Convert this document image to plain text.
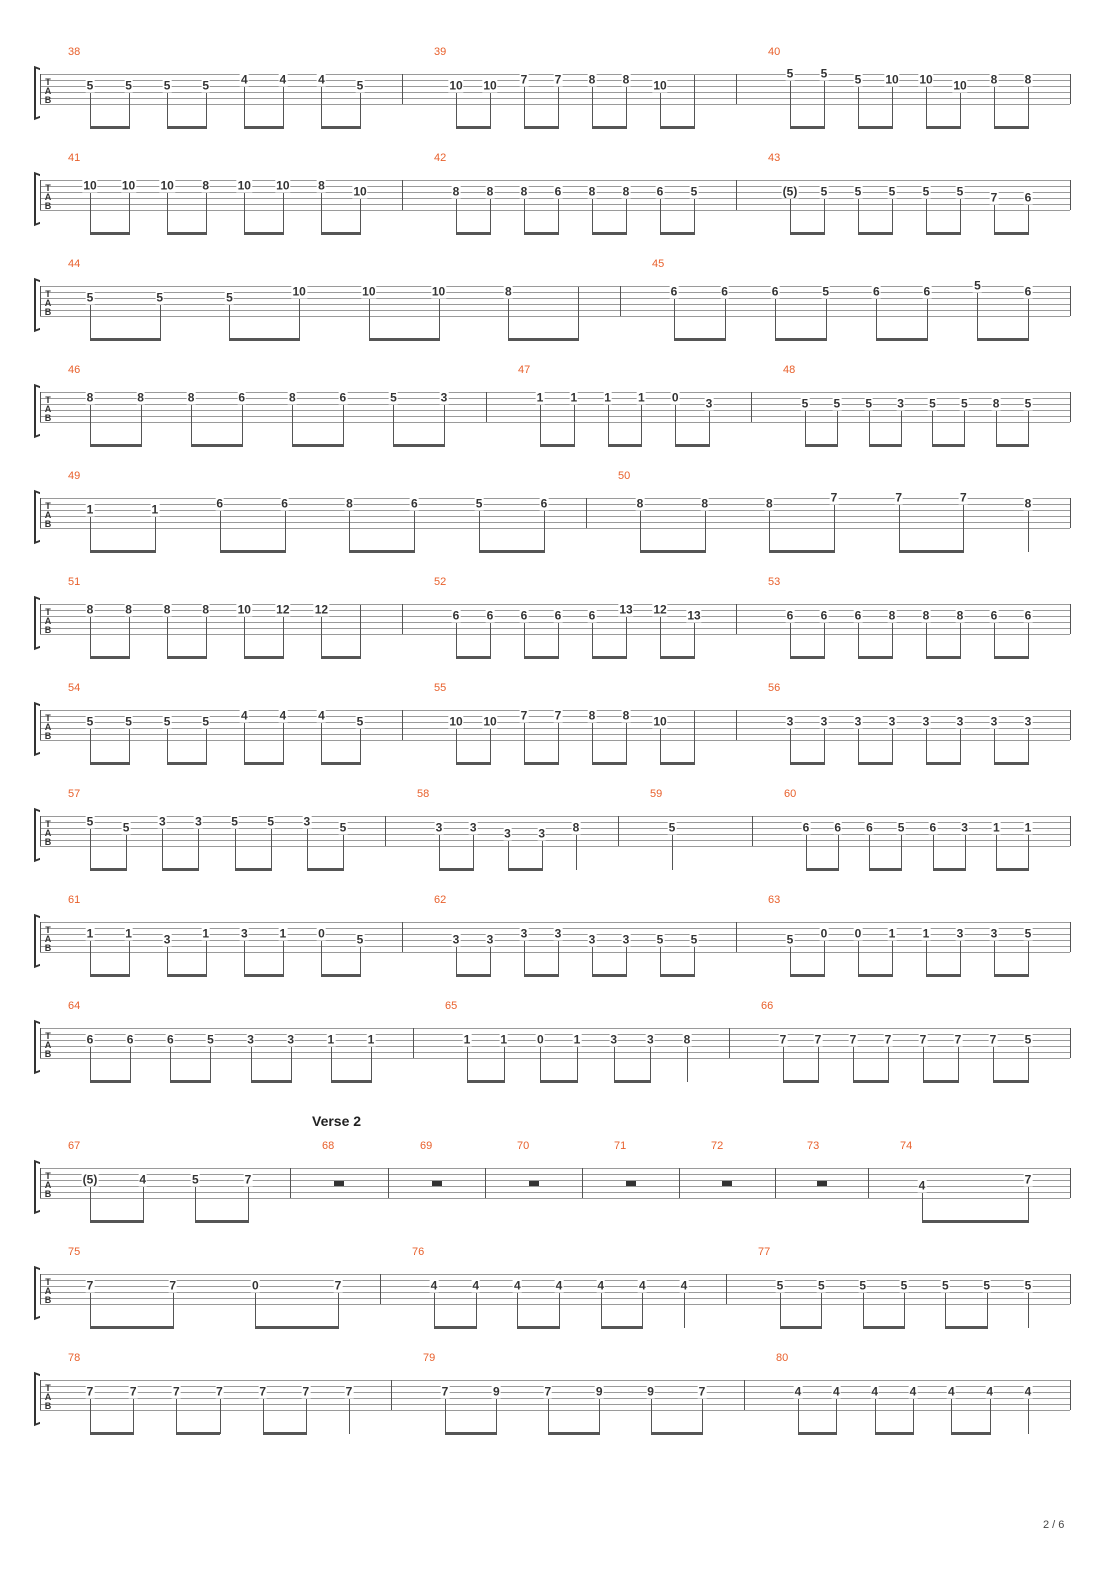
T
A
B
38
5	5	5	5	4	4	4	5
39
10 10 7 7 8 8 10
40
5 5 5 10 10 10 8 8
T
A
B
41
10 10 10 8 10 10 8 10
42
8 8 8 6 8 8 6 5
43
(5) 5 5 5 5 5 7 6
T
A
B
44
5	5	5	10	10	10	8
45
6	6	6	5	6	6	5	6
T
A
B
46
8	8	8	6	8	6	5	3
47
1 1 1 1 0 3
48
5 5 5 3 5 5 8 5
T
A
B
49
1	1	6	6	8	6	5	6
50
8	8	8	7	7	7	8
T
A
B
51
8	8	8	8 10 12 12
52
6 6 6 6 6 13 12 13
53
6 6 6 8 8 8 6 6
T
A
B
54
5	5	5	5	4	4	4	5
55
10 10 7 7 8 8 10
56
3 3 3 3 3 3 3 3
T
A
B
57
5 5 3 3 5 5 3 5
58
3 3 3 3 8
59
5
60
6 6 6 5 6 3 1 1
T
A
B
61
1	1	3	1	3	1	0	5
62
3 3 3 3 3 3 5 5
63
5 0 0 1 1 3 3 5
T
A
B
64
6	6	6	5	3	3	1	1
65
1 1 0 1 3 3 8
66
7 7 7 7 7 7 7 5
T
A
B
67
(5)	4	5	7
68	69	70	71	72	73	74
4	7
T
A
B
75
7	7	0	7
76
4	4	4	4	4	4	4
77
5	5	5	5	5	5	5
T
A
B
78
7	7	7	7	7	7	7
79
7	9	7	9	9	7
80
4	4	4	4	4	4	4
Verse 2
2 / 6
